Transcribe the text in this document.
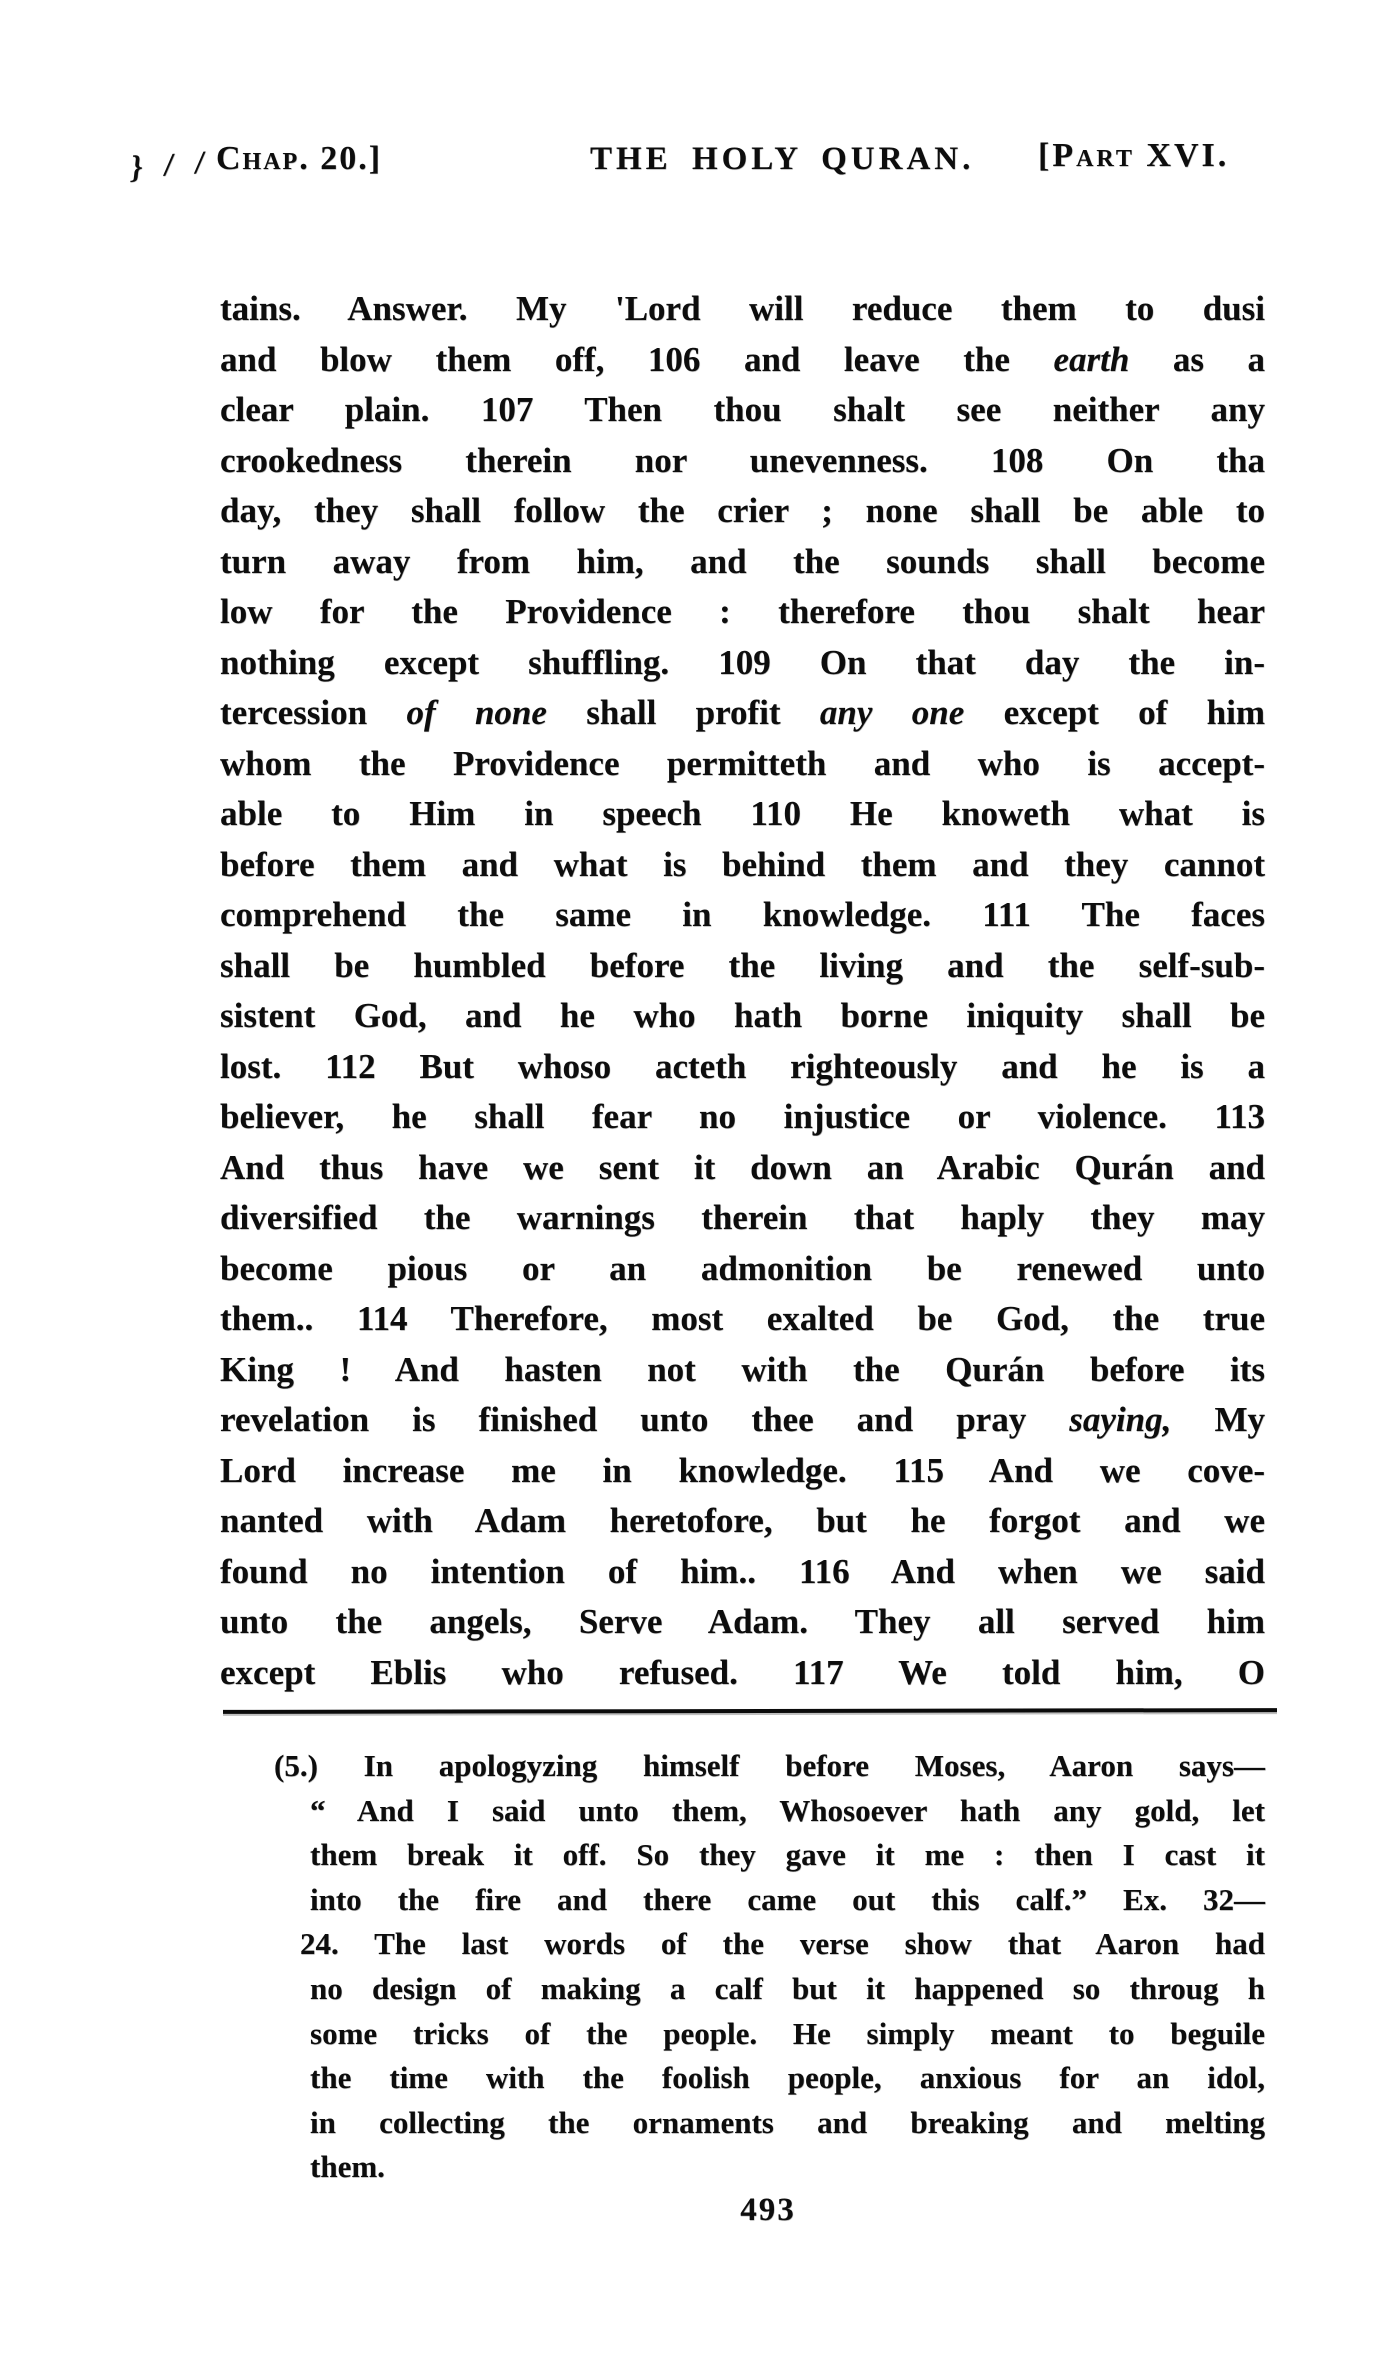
} / / Chap. 20.]	THE HOLY QURAN. [Part XVI.
tains. Answer. My 'Lord will reduce them to dusi
and blow them off, 106 and leave the earth as a
clear plain. 107 Then thou shalt see neither any
crookedness therein nor unevenness. 108 On tha
day, they shall follow the crier ; none shall be able to
turn away from him, and the sounds shall become
low for the Providence : therefore thou shalt hear
nothing except shuffling. 109 On that day the in-
tercession of none shall profit any one except of him
whom the Providence permitteth and who is accept-
able to Him in speech 110 He knoweth what is
before them and what is behind them and they cannot
comprehend the same in knowledge. 111 The faces
shall be humbled before the living and the self-sub-
sistent God, and he who hath borne iniquity shall be
lost. 112 But whoso acteth righteously and he is a
believer, he shall fear no injustice or violence. 113
And thus have we sent it down an Arabic Qurán and
diversified the warnings therein that haply they may
become pious or an admonition be renewed unto
them.. 114 Therefore, most exalted be God, the true
King ! And hasten not with the Qurán before its
revelation is finished unto thee and pray saying, My
Lord increase me in knowledge. 115 And we cove-
nanted with Adam heretofore, but he forgot and we
found no intention of him.. 116 And when we said
unto the angels, Serve Adam. They all served him
except Eblis who refused. 117 We told him, O
(5.) In apologyzing himself before Moses, Aaron says—
“ And I said unto them, Whosoever hath any gold, let
them break it off. So they gave it me : then I cast it
into the fire and there came out this calf.” Ex. 32—
24. The last words of the verse show that Aaron had
no design of making a calf but it happened so throug h
some tricks of the people. He simply meant to beguile
the time with the foolish people, anxious for an idol,
in collecting the ornaments and breaking and melting
them.
493
